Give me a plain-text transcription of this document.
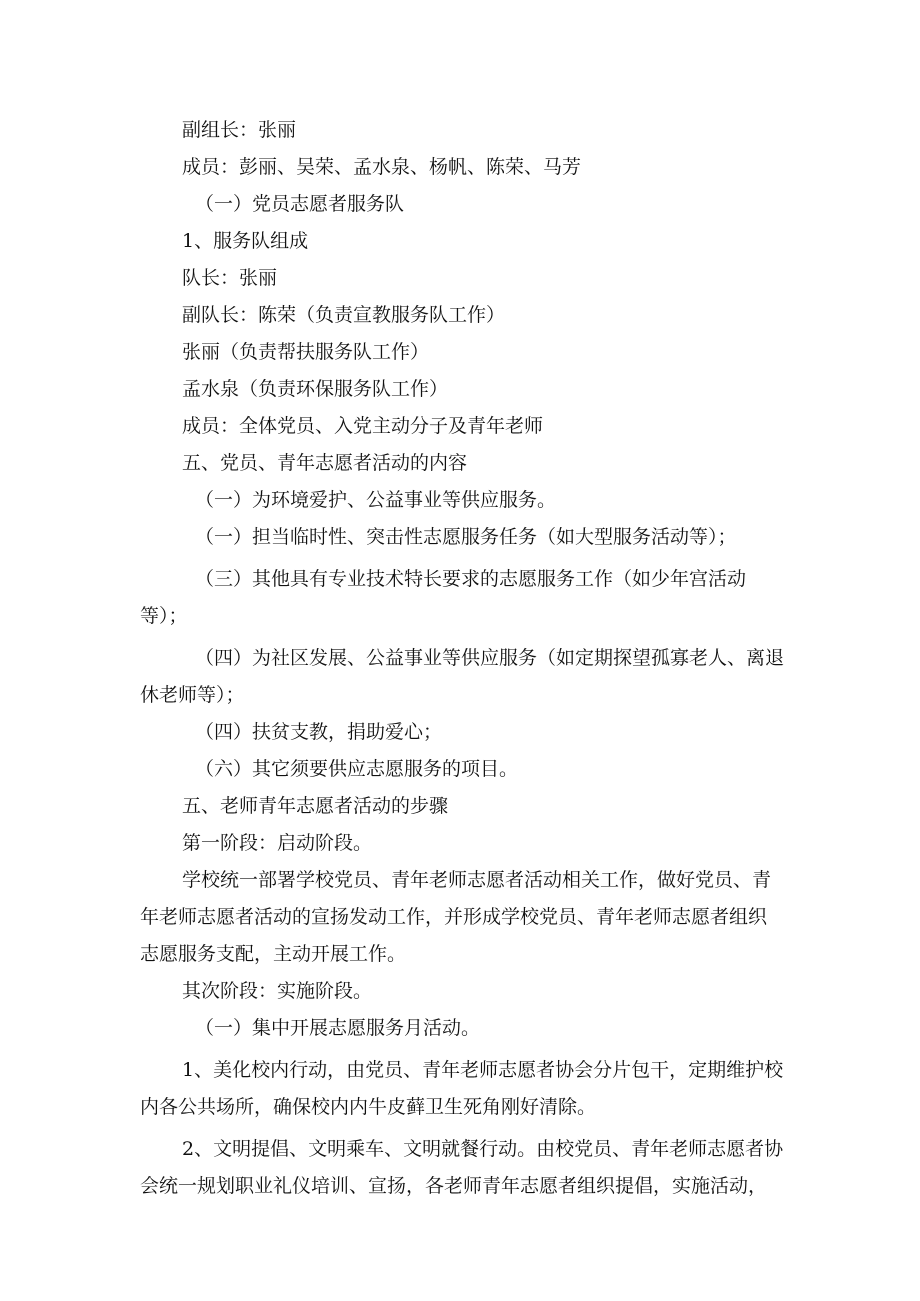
副组长：张丽
成员：彭丽、吴荣、孟水泉、杨帆、陈荣、马芳
（一）党员志愿者服务队
1、服务队组成
队长：张丽
副队长：陈荣（负责宣教服务队工作）
张丽（负责帮扶服务队工作）
孟水泉（负责环保服务队工作）
成员：全体党员、入党主动分子及青年老师
五、党员、青年志愿者活动的内容
（一）为环境爱护、公益事业等供应服务。
（一）担当临时性、突击性志愿服务任务（如大型服务活动等）；
（三）其他具有专业技术特长要求的志愿服务工作（如少年宫活动
等）；
（四）为社区发展、公益事业等供应服务（如定期探望孤寡老人、离退
休老师等）；
（四）扶贫支教，捐助爱心；
（六）其它须要供应志愿服务的项目。
五、老师青年志愿者活动的步骤
第一阶段：启动阶段。
学校统一部署学校党员、青年老师志愿者活动相关工作，做好党员、青
年老师志愿者活动的宣扬发动工作，并形成学校党员、青年老师志愿者组织
志愿服务支配，主动开展工作。
其次阶段：实施阶段。
（一）集中开展志愿服务月活动。
1、美化校内行动，由党员、青年老师志愿者协会分片包干，定期维护校
内各公共场所，确保校内内牛皮藓卫生死角刚好清除。
2、文明提倡、文明乘车、文明就餐行动。由校党员、青年老师志愿者协
会统一规划职业礼仪培训、宣扬，各老师青年志愿者组织提倡，实施活动，
